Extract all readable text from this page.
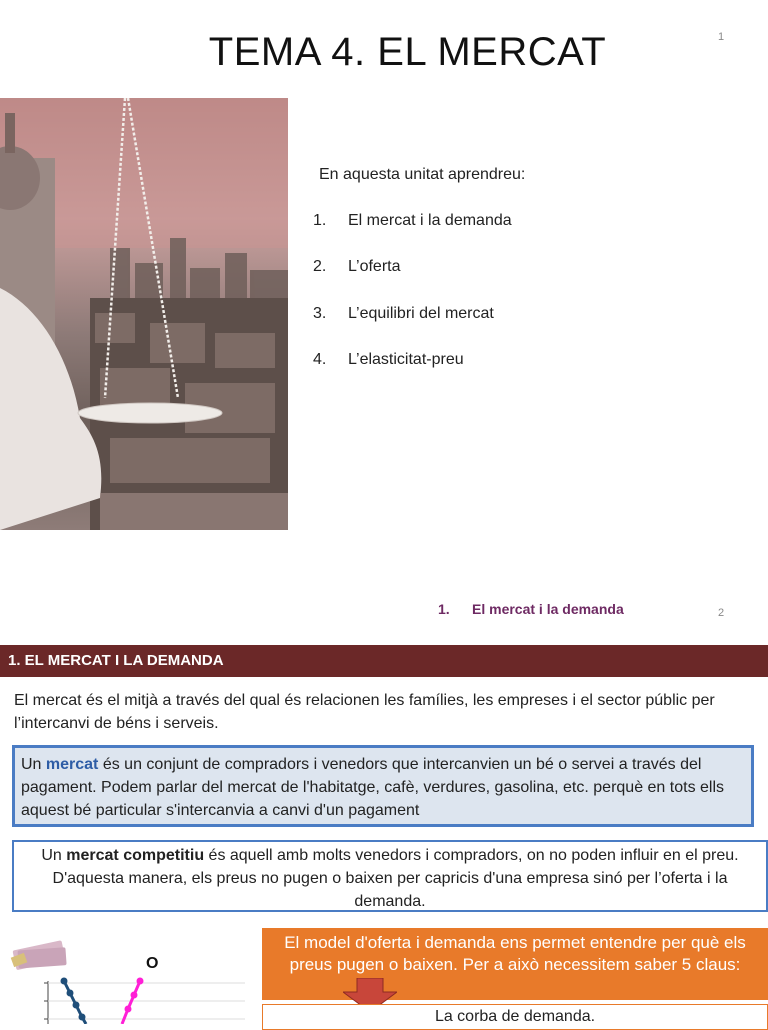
TEMA 4. EL MERCAT	1
En aquesta unitat aprendreu:
1.	El mercat i la demanda
2.	L’oferta
3.	L’equilibri del mercat
4.	L’elasticitat-preu
1. El mercat i la demanda	2
1. EL MERCAT I LA DEMANDA
El mercat és el mitjà a través del qual és relacionen les famílies, les empreses i el sector públic per l’intercanvi de béns i serveis.
Un mercat és un conjunt de compradors i venedors que intercanvien un bé o servei a través del pagament. Podem parlar del mercat de l'habitatge, cafè, verdures, gasolina, etc. perquè en tots ells aquest bé particular s'intercanvia a canvi d'un pagament
Un mercat competitiu és aquell amb molts venedors i compradors, on no poden influir en el preu. D'aquesta manera, els preus no pugen o baixen per capricis d'una empresa sinó per l’oferta i la demanda.
O
El model d'oferta i demanda ens permet entendre per què els preus pugen o baixen. Per a això necessitem saber 5 claus:
La corba de demanda.
